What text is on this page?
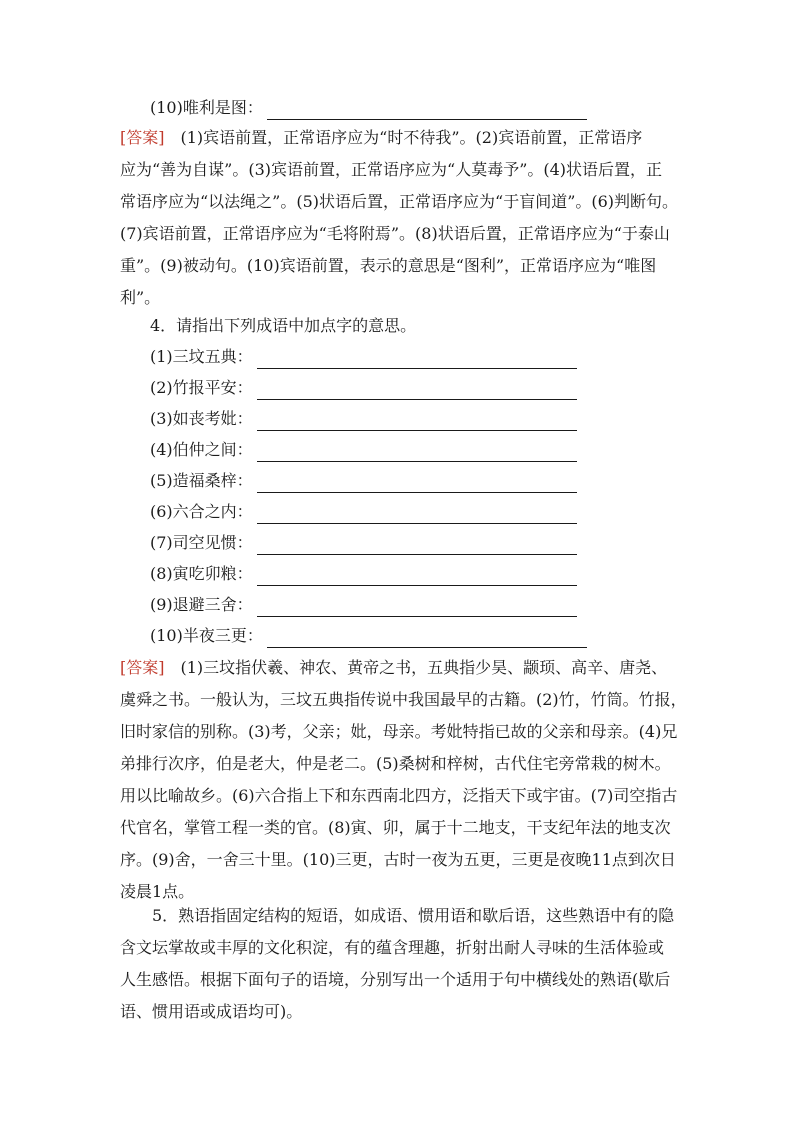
(10)唯利是图：
[答案]　(1)宾语前置，正常语序应为“时不待我”。(2)宾语前置，正常语序
应为“善为自谋”。(3)宾语前置，正常语序应为“人莫毒予”。(4)状语后置，正
常语序应为“以法绳之”。(5)状语后置，正常语序应为“于盲间道”。(6)判断句。
(7)宾语前置，正常语序应为“毛将附焉”。(8)状语后置，正常语序应为“于泰山
重”。(9)被动句。(10)宾语前置，表示的意思是“图利”，正常语序应为“唯图
利”。
4．请指出下列成语中加点字的意思。
(1)三坟五典：
(2)竹报平安：
(3)如丧考妣：
(4)伯仲之间：
(5)造福桑梓：
(6)六合之内：
(7)司空见惯：
(8)寅吃卯粮：
(9)退避三舍：
(10)半夜三更：
[答案]　(1)三坟指伏羲、神农、黄帝之书，五典指少昊、颛顼、高辛、唐尧、
虞舜之书。一般认为，三坟五典指传说中我国最早的古籍。(2)竹，竹筒。竹报，
旧时家信的别称。(3)考，父亲；妣，母亲。考妣特指已故的父亲和母亲。(4)兄
弟排行次序，伯是老大，仲是老二。(5)桑树和梓树，古代住宅旁常栽的树木。
用以比喻故乡。(6)六合指上下和东西南北四方，泛指天下或宇宙。(7)司空指古
代官名，掌管工程一类的官。(8)寅、卯，属于十二地支，干支纪年法的地支次
序。(9)舍，一舍三十里。(10)三更，古时一夜为五更，三更是夜晚11点到次日
凌晨1点。
　　5．熟语指固定结构的短语，如成语、惯用语和歇后语，这些熟语中有的隐
含文坛掌故或丰厚的文化积淀，有的蕴含理趣，折射出耐人寻味的生活体验或
人生感悟。根据下面句子的语境，分别写出一个适用于句中横线处的熟语(歇后
语、惯用语或成语均可)。
